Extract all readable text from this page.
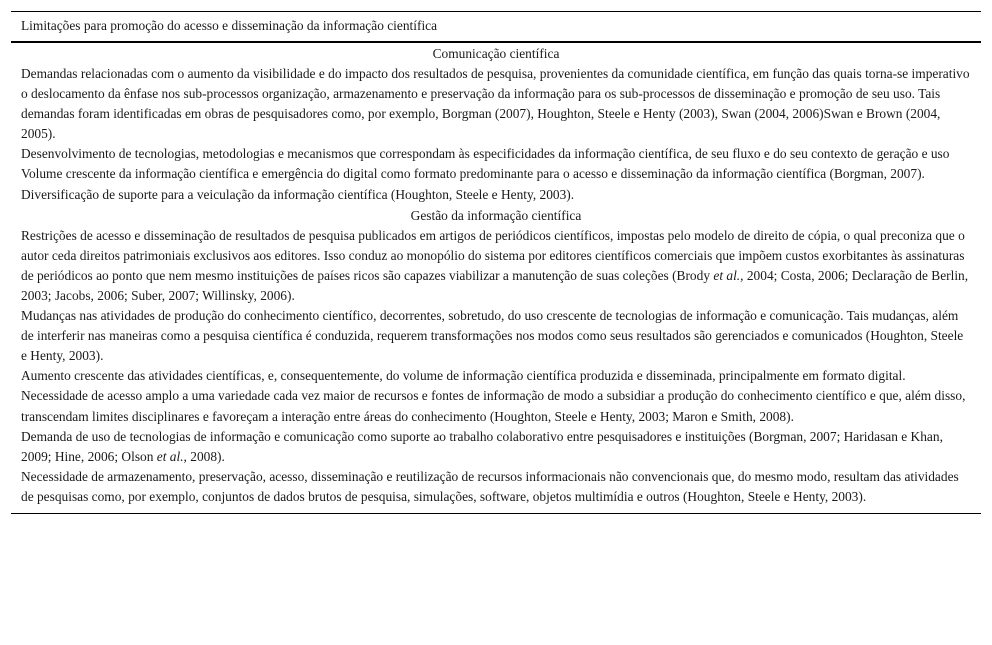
Limitações para promoção do acesso e disseminação da informação científica
Comunicação científica

Demandas relacionadas com o aumento da visibilidade e do impacto dos resultados de pesquisa, provenientes da comunidade científica, em função das quais torna-se imperativo o deslocamento da ênfase nos sub-processos organização, armazenamento e preservação da informação para os sub-processos de disseminação e promoção de seu uso. Tais demandas foram identificadas em obras de pesquisadores como, por exemplo, Borgman (2007), Houghton, Steele e Henty (2003), Swan (2004, 2006)Swan e Brown (2004, 2005).

Desenvolvimento de tecnologias, metodologias e mecanismos que correspondam às especificidades da informação científica, de seu fluxo e do seu contexto de geração e uso

Volume crescente da informação científica e emergência do digital como formato predominante para o acesso e disseminação da informação científica (Borgman, 2007).

Diversificação de suporte para a veiculação da informação científica (Houghton, Steele e Henty, 2003).

Gestão da informação científica

Restrições de acesso e disseminação de resultados de pesquisa publicados em artigos de periódicos científicos, impostas pelo modelo de direito de cópia, o qual preconiza que o autor ceda direitos patrimoniais exclusivos aos editores. Isso conduz ao monopólio do sistema por editores científicos comerciais que impõem custos exorbitantes às assinaturas de periódicos ao ponto que nem mesmo instituições de países ricos são capazes viabilizar a manutenção de suas coleções (Brody et al., 2004; Costa, 2006; Declaração de Berlin, 2003; Jacobs, 2006; Suber, 2007; Willinsky, 2006).

Mudanças nas atividades de produção do conhecimento científico, decorrentes, sobretudo, do uso crescente de tecnologias de informação e comunicação. Tais mudanças, além de interferir nas maneiras como a pesquisa científica é conduzida, requerem transformações nos modos como seus resultados são gerenciados e comunicados (Houghton, Steele e Henty, 2003).

Aumento crescente das atividades científicas, e, consequentemente, do volume de informação científica produzida e disseminada, principalmente em formato digital.

Necessidade de acesso amplo a uma variedade cada vez maior de recursos e fontes de informação de modo a subsidiar a produção do conhecimento científico e que, além disso, transcendam limites disciplinares e favoreçam a interação entre áreas do conhecimento (Houghton, Steele e Henty, 2003; Maron e Smith, 2008).

Demanda de uso de tecnologias de informação e comunicação como suporte ao trabalho colaborativo entre pesquisadores e instituições (Borgman, 2007; Haridasan e Khan, 2009; Hine, 2006; Olson et al., 2008).

Necessidade de armazenamento, preservação, acesso, disseminação e reutilização de recursos informacionais não convencionais que, do mesmo modo, resultam das atividades de pesquisas como, por exemplo, conjuntos de dados brutos de pesquisa, simulações, software, objetos multimídia e outros (Houghton, Steele e Henty, 2003).
